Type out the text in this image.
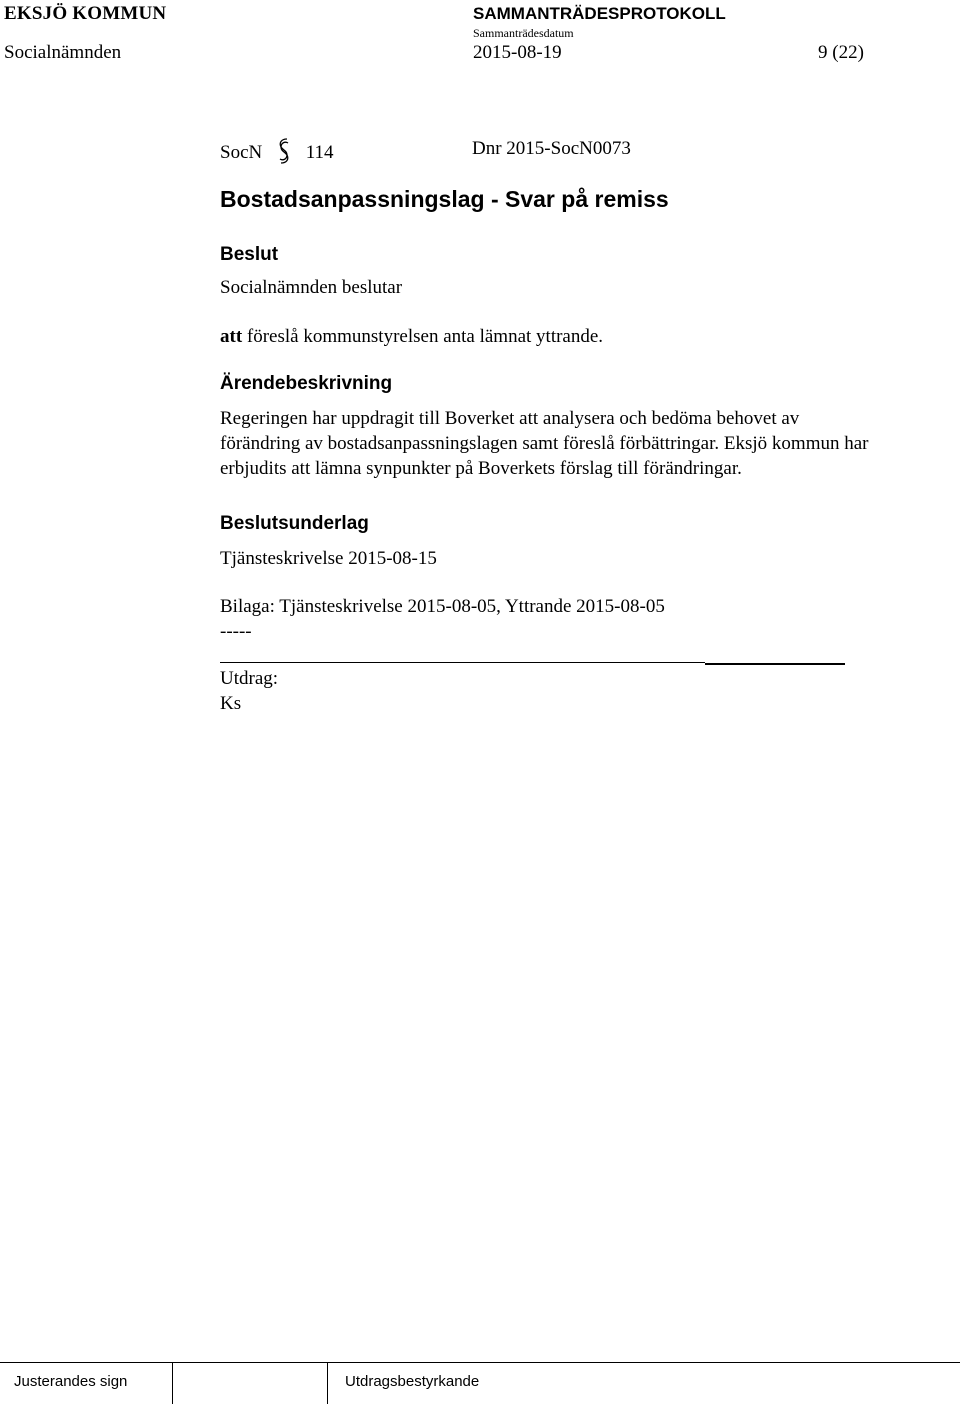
EKSJÖ KOMMUN	SAMMANTRÄDESPROTOKOLL
Sammanträdesdatum
Socialnämnden	2015-08-19	9 (22)
SocN 114	Dnr 2015-SocN0073
Bostadsanpassningslag - Svar på remiss
Beslut
Socialnämnden beslutar
att föreslå kommunstyrelsen anta lämnat yttrande.
Ärendebeskrivning
Regeringen har uppdragit till Boverket att analysera och bedöma behovet av
förändring av bostadsanpassningslagen samt föreslå förbättringar. Eksjö kommun har
erbjudits att lämna synpunkter på Boverkets förslag till förändringar.
Beslutsunderlag
Tjänsteskrivelse 2015-08-15
Bilaga: Tjänsteskrivelse 2015-08-05, Yttrande 2015-08-05
-----
Utdrag:
Ks
Justerandes sign	Utdragsbestyrkande
